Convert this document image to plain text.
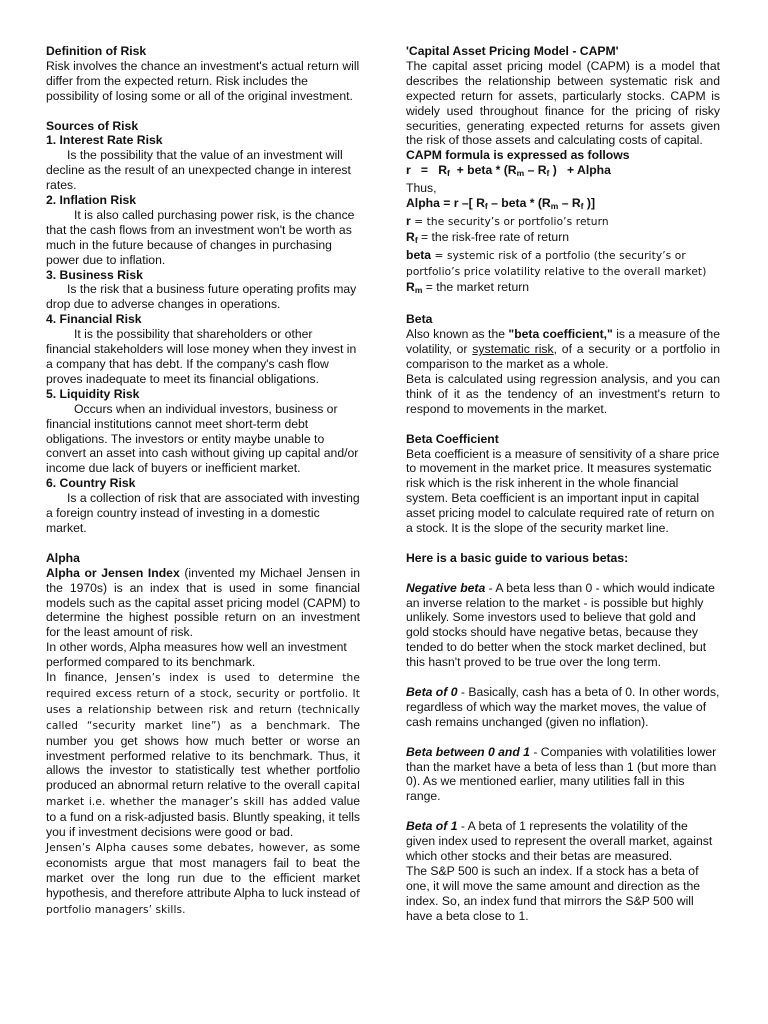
Definition of Risk

Risk involves the chance an investment's actual return will differ from the expected return. Risk includes the possibility of losing some or all of the original investment.

Sources of Risk

1. Interest Rate Risk

Is the possibility that the value of an investment will decline as the result of an unexpected change in interest rates.

2. Inflation Risk

It is also called purchasing power risk, is the chance that the cash flows from an investment won't be worth as much in the future because of changes in purchasing power due to inflation.

3. Business Risk

Is the risk that a business future operating profits may drop due to adverse changes in operations.

4. Financial Risk

It is the possibility that shareholders or other financial stakeholders will lose money when they invest in a company that has debt. If the company's cash flow proves inadequate to meet its financial obligations.

5. Liquidity Risk

Occurs when an individual investors, business or financial institutions cannot meet short-term debt obligations. The investors or entity maybe unable to convert an asset into cash without giving up capital and/or income due lack of buyers or inefficient market.

6. Country Risk

Is a collection of risk that are associated with investing a foreign country instead of investing in a domestic market.

Alpha

Alpha or Jensen Index (invented my Michael Jensen in the 1970s) is an index that is used in some financial models such as the capital asset pricing model (CAPM) to determine the highest possible return on an investment for the least amount of risk.

In other words, Alpha measures how well an investment performed compared to its benchmark.

In finance, Jensen’s index is used to determine the required excess return of a stock, security or portfolio. It uses a relationship between risk and return (technically called “security market line”) as a benchmark. The number you get shows how much better or worse an investment performed relative to its benchmark. Thus, it allows the investor to statistically test whether portfolio produced an abnormal return relative to the overall capital market i.e. whether the manager’s skill has added value to a fund on a risk-adjusted basis. Bluntly speaking, it tells you if investment decisions were good or bad.

Jensen’s Alpha causes some debates, however, as some economists argue that most managers fail to beat the market over the long run due to the efficient market hypothesis, and therefore attribute Alpha to luck instead of portfolio managers’ skills.

'Capital Asset Pricing Model - CAPM'

The capital asset pricing model (CAPM) is a model that describes the relationship between systematic risk and expected return for assets, particularly stocks. CAPM is widely used throughout finance for the pricing of risky securities, generating expected returns for assets given the risk of those assets and calculating costs of capital.

CAPM formula is expressed as follows

$r = R_f$ + beta * ($R_m - R_f$ ) + Alpha

Thus,

Alpha = r –[ $R_f$ – beta * ($R_m - R_f$ )]

r = the security’s or portfolio’s return

$R_f$ = the risk-free rate of return

beta = systemic risk of a portfolio (the security’s or portfolio’s price volatility relative to the overall market)

$R_m$ = the market return

Beta

Also known as the "beta coefficient," is a measure of the volatility, or systematic risk, of a security or a portfolio in comparison to the market as a whole.

Beta is calculated using regression analysis, and you can think of it as the tendency of an investment's return to respond to movements in the market.

Beta Coefficient

Beta coefficient is a measure of sensitivity of a share price to movement in the market price. It measures systematic risk which is the risk inherent in the whole financial system. Beta coefficient is an important input in capital asset pricing model to calculate required rate of return on a stock. It is the slope of the security market line.

Here is a basic guide to various betas:

Negative beta - A beta less than 0 - which would indicate an inverse relation to the market - is possible but highly unlikely. Some investors used to believe that gold and gold stocks should have negative betas, because they tended to do better when the stock market declined, but this hasn't proved to be true over the long term.

Beta of 0 - Basically, cash has a beta of 0. In other words, regardless of which way the market moves, the value of cash remains unchanged (given no inflation).

Beta between 0 and 1 - Companies with volatilities lower than the market have a beta of less than 1 (but more than 0). As we mentioned earlier, many utilities fall in this range.

Beta of 1 - A beta of 1 represents the volatility of the given index used to represent the overall market, against which other stocks and their betas are measured.

The S&P 500 is such an index. If a stock has a beta of one, it will move the same amount and direction as the index. So, an index fund that mirrors the S&P 500 will have a beta close to 1.
